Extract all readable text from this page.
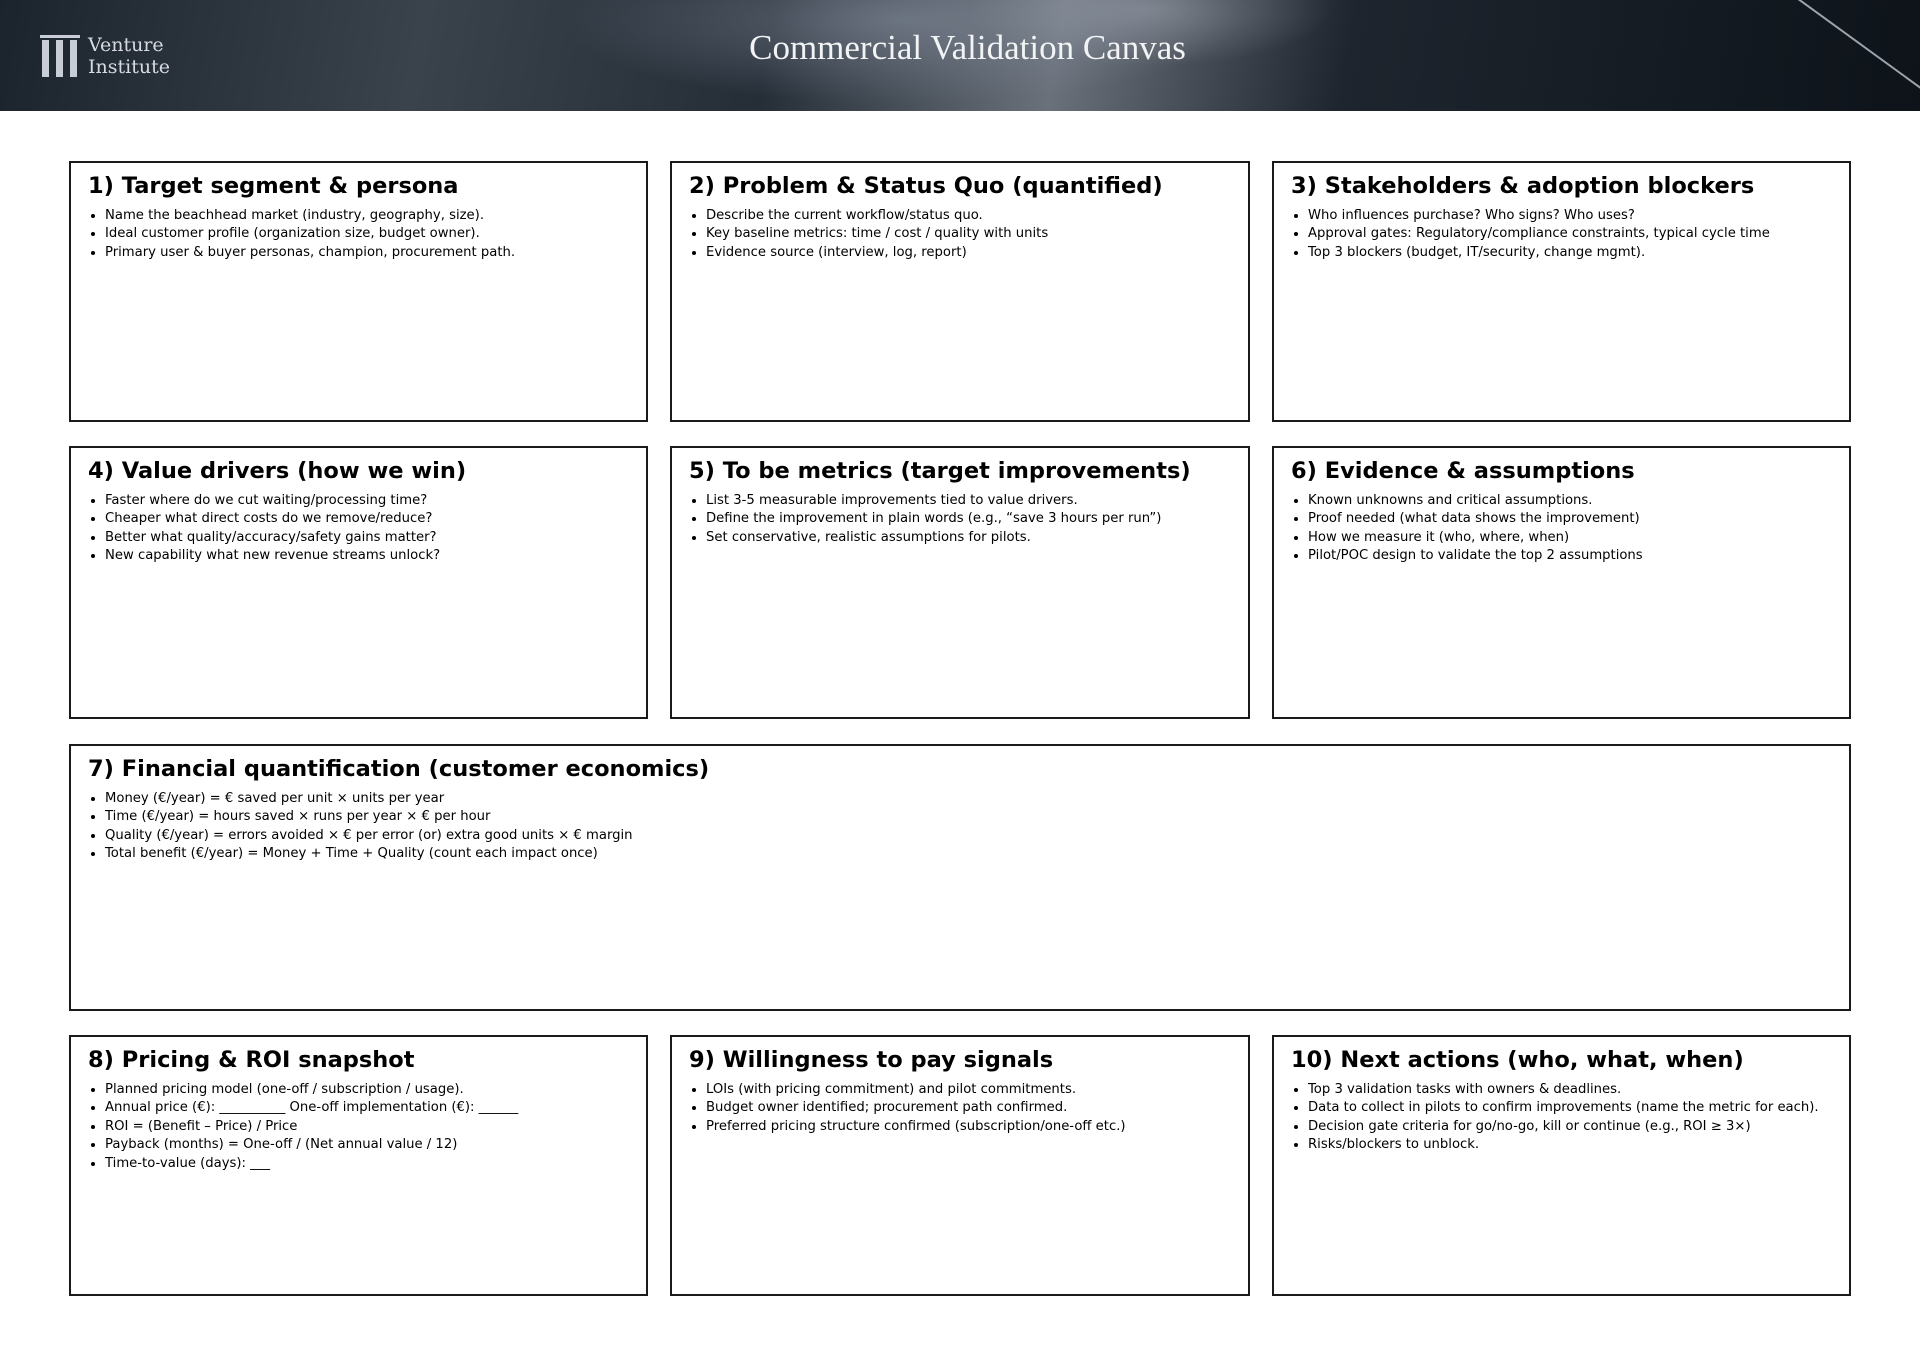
Venture
Institute	Commercial Validation Canvas
1) Target segment & persona
• Name the beachhead market (industry, geography, size).
• Ideal customer profile (organization size, budget owner).
• Primary user & buyer personas, champion, procurement path.
2) Problem & Status Quo (quantified)
• Describe the current workflow/status quo.
• Key baseline metrics: time / cost / quality with units
• Evidence source (interview, log, report)
3) Stakeholders & adoption blockers
• Who influences purchase? Who signs? Who uses?
• Approval gates: Regulatory/compliance constraints, typical cycle time
• Top 3 blockers (budget, IT/security, change mgmt).
4) Value drivers (how we win)
• Faster where do we cut waiting/processing time?
• Cheaper what direct costs do we remove/reduce?
• Better what quality/accuracy/safety gains matter?
• New capability what new revenue streams unlock?
5) To be metrics (target improvements)
• List 3-5 measurable improvements tied to value drivers.
• Define the improvement in plain words (e.g., “save 3 hours per run”)
• Set conservative, realistic assumptions for pilots.
6) Evidence & assumptions
• Known unknowns and critical assumptions.
• Proof needed (what data shows the improvement)
• How we measure it (who, where, when)
• Pilot/POC design to validate the top 2 assumptions
7) Financial quantification (customer economics)
• Money (€/year) = € saved per unit × units per year
• Time (€/year) = hours saved × runs per year × € per hour
• Quality (€/year) = errors avoided × € per error (or) extra good units × € margin
• Total benefit (€/year) = Money + Time + Quality (count each impact once)
8) Pricing & ROI snapshot
• Planned pricing model (one-off / subscription / usage).
• Annual price (€): __________ One-off implementation (€): ______
• ROI = (Benefit – Price) / Price
• Payback (months) = One-off / (Net annual value / 12)
• Time-to-value (days): ___
9) Willingness to pay signals
• LOIs (with pricing commitment) and pilot commitments.
• Budget owner identified; procurement path confirmed.
• Preferred pricing structure confirmed (subscription/one-off etc.)
10) Next actions (who, what, when)
• Top 3 validation tasks with owners & deadlines.
• Data to collect in pilots to confirm improvements (name the metric for each).
• Decision gate criteria for go/no-go, kill or continue (e.g., ROI ≥ 3×)
• Risks/blockers to unblock.
